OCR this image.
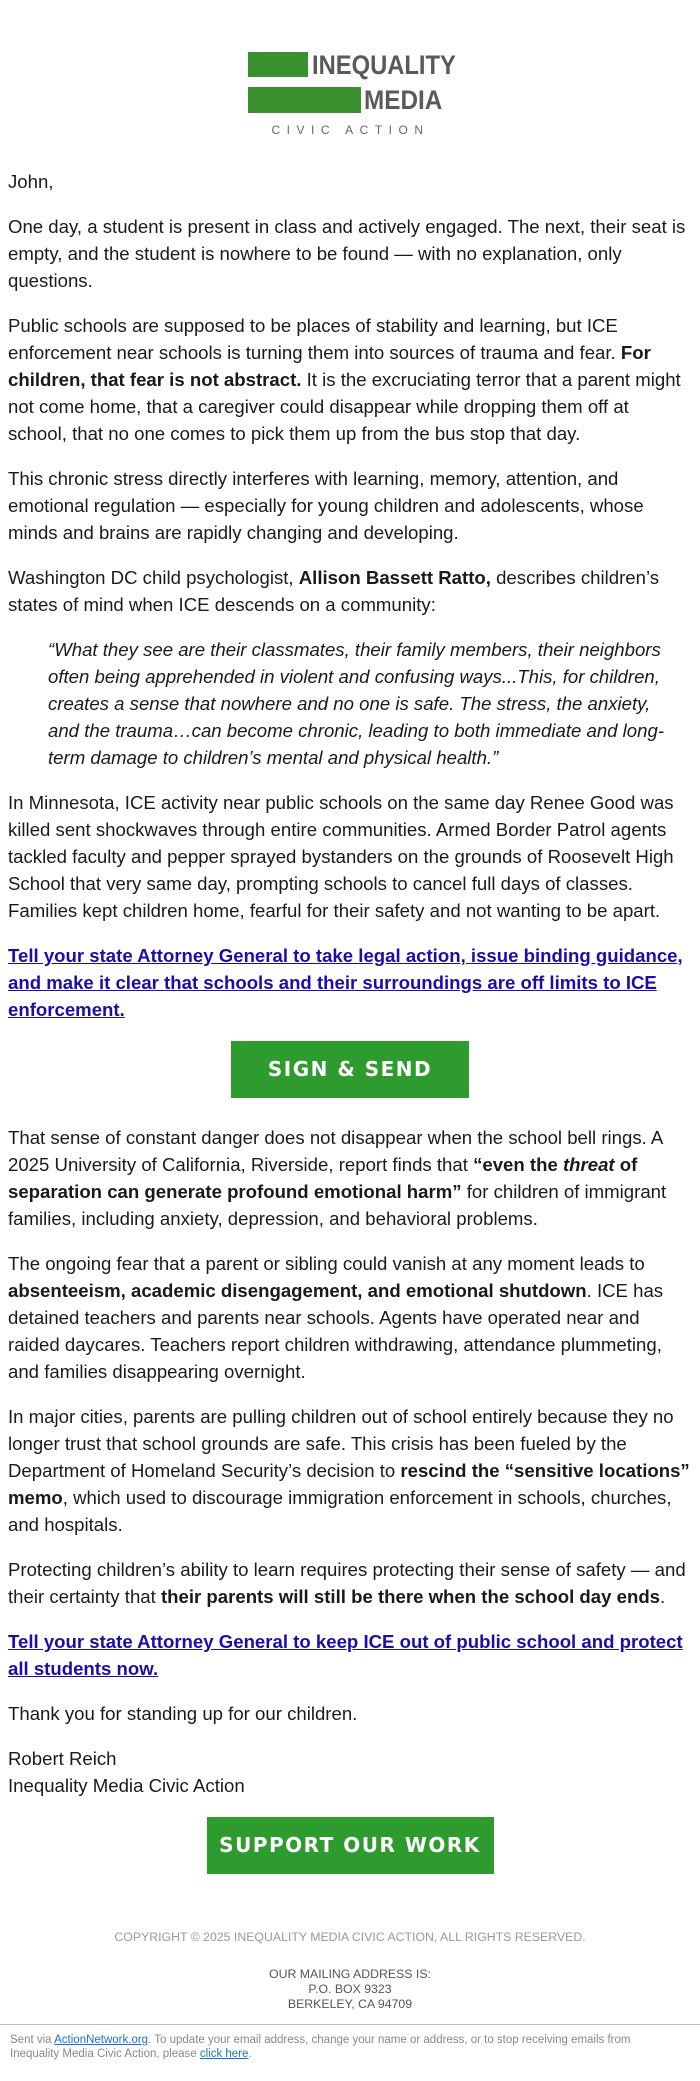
INEQUALITY
MEDIA
CIVIC ACTION

John,

One day, a student is present in class and actively engaged. The next, their seat is empty, and the student is nowhere to be found — with no explanation, only questions.

Public schools are supposed to be places of stability and learning, but ICE enforcement near schools is turning them into sources of trauma and fear. For children, that fear is not abstract. It is the excruciating terror that a parent might not come home, that a caregiver could disappear while dropping them off at school, that no one comes to pick them up from the bus stop that day.

This chronic stress directly interferes with learning, memory, attention, and emotional regulation — especially for young children and adolescents, whose minds and brains are rapidly changing and developing.

Washington DC child psychologist, Allison Bassett Ratto, describes children’s states of mind when ICE descends on a community:

“What they see are their classmates, their family members, their neighbors often being apprehended in violent and confusing ways...This, for children, creates a sense that nowhere and no one is safe. The stress, the anxiety, and the trauma…can become chronic, leading to both immediate and long-term damage to children’s mental and physical health.”

In Minnesota, ICE activity near public schools on the same day Renee Good was killed sent shockwaves through entire communities. Armed Border Patrol agents tackled faculty and pepper sprayed bystanders on the grounds of Roosevelt High School that very same day, prompting schools to cancel full days of classes. Families kept children home, fearful for their safety and not wanting to be apart.

Tell your state Attorney General to take legal action, issue binding guidance, and make it clear that schools and their surroundings are off limits to ICE enforcement.

SIGN & SEND

That sense of constant danger does not disappear when the school bell rings. A 2025 University of California, Riverside, report finds that “even the threat of separation can generate profound emotional harm” for children of immigrant families, including anxiety, depression, and behavioral problems.

The ongoing fear that a parent or sibling could vanish at any moment leads to absenteeism, academic disengagement, and emotional shutdown. ICE has detained teachers and parents near schools. Agents have operated near and raided daycares. Teachers report children withdrawing, attendance plummeting, and families disappearing overnight.

In major cities, parents are pulling children out of school entirely because they no longer trust that school grounds are safe. This crisis has been fueled by the Department of Homeland Security’s decision to rescind the “sensitive locations” memo, which used to discourage immigration enforcement in schools, churches, and hospitals.

Protecting children’s ability to learn requires protecting their sense of safety — and their certainty that their parents will still be there when the school day ends.

Tell your state Attorney General to keep ICE out of public school and protect all students now.

Thank you for standing up for our children.

Robert Reich
Inequality Media Civic Action

SUPPORT OUR WORK
COPYRIGHT © 2025 INEQUALITY MEDIA CIVIC ACTION, ALL RIGHTS RESERVED.
OUR MAILING ADDRESS IS:
P.O. BOX 9323
BERKELEY, CA 94709
Sent via ActionNetwork.org. To update your email address, change your name or address, or to stop receiving emails from Inequality Media Civic Action, please click here.
